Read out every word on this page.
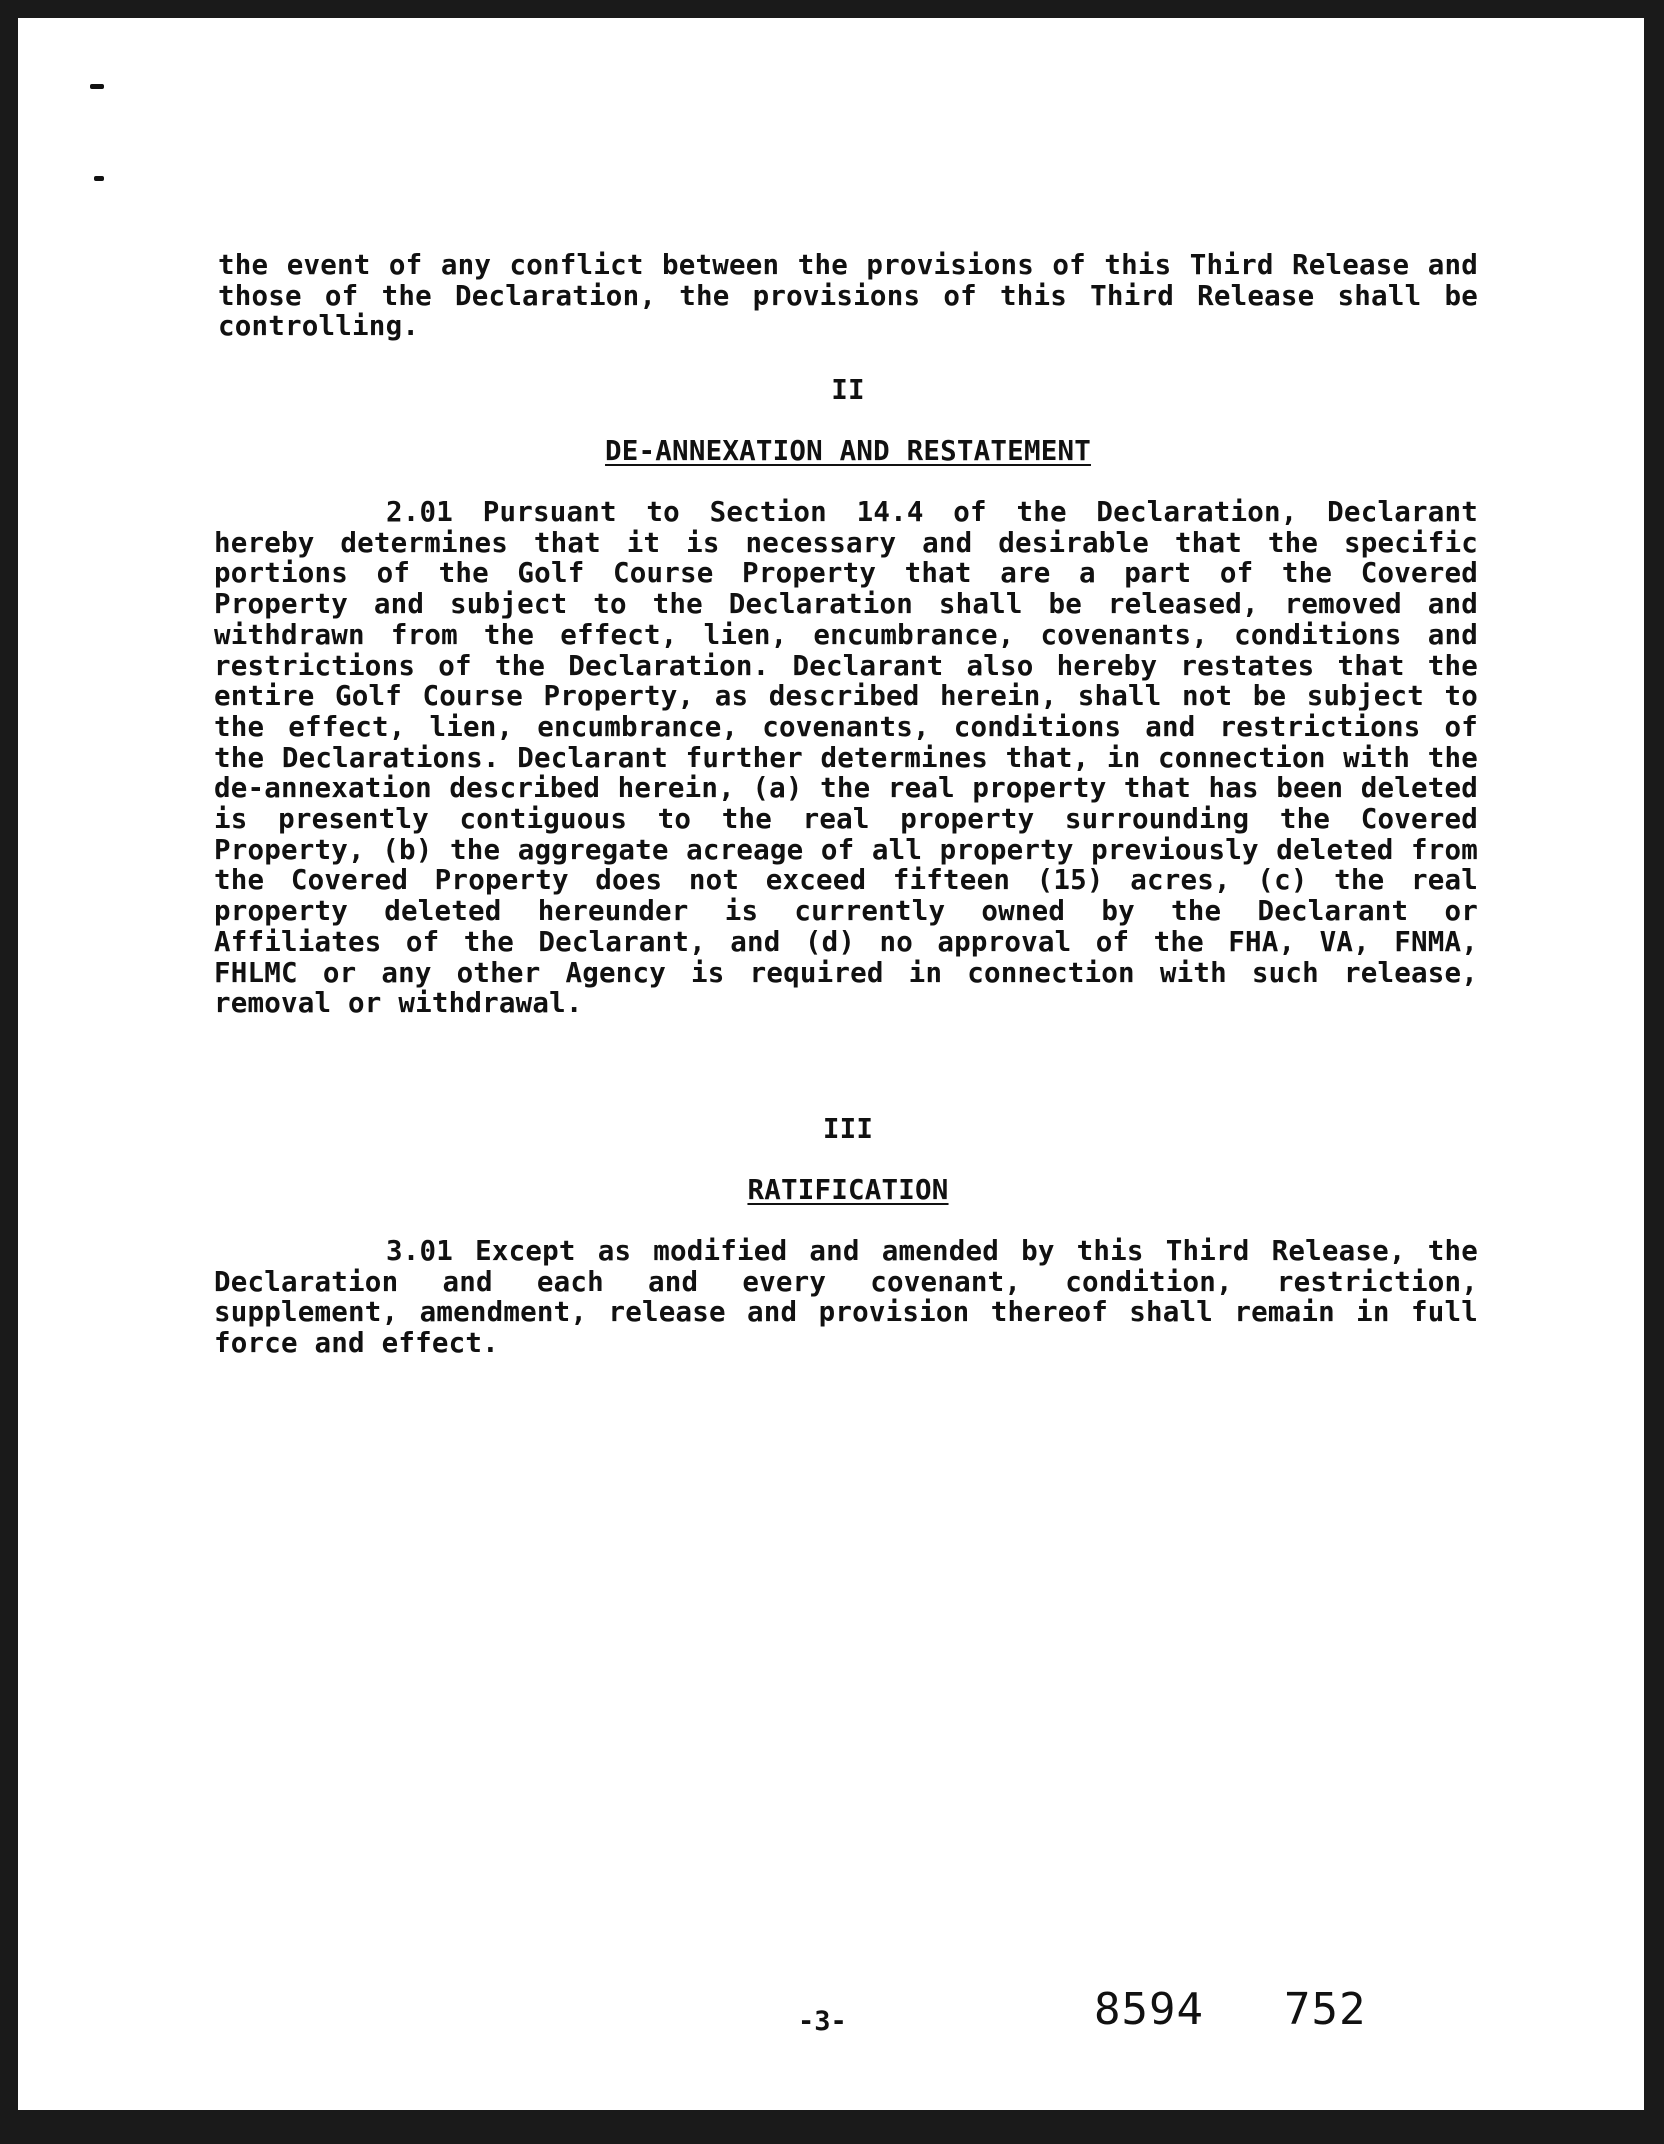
the event of any conflict between the provisions of this Third Release and those of the Declaration, the provisions of this Third Release shall be controlling.
II
DE-ANNEXATION AND RESTATEMENT
2.01 Pursuant to Section 14.4 of the Declaration, Declarant hereby determines that it is necessary and desirable that the specific portions of the Golf Course Property that are a part of the Covered Property and subject to the Declaration shall be released, removed and withdrawn from the effect, lien, encumbrance, covenants, conditions and restrictions of the Declaration. Declarant also hereby restates that the entire Golf Course Property, as described herein, shall not be subject to the effect, lien, encumbrance, covenants, conditions and restrictions of the Declarations. Declarant further determines that, in connection with the de-annexation described herein, (a) the real property that has been deleted is presently contiguous to the real property surrounding the Covered Property, (b) the aggregate acreage of all property previously deleted from the Covered Property does not exceed fifteen (15) acres, (c) the real property deleted hereunder is currently owned by the Declarant or Affiliates of the Declarant, and (d) no approval of the FHA, VA, FNMA, FHLMC or any other Agency is required in connection with such release, removal or withdrawal.
III
RATIFICATION
3.01 Except as modified and amended by this Third Release, the Declaration and each and every covenant, condition, restriction, supplement, amendment, release and provision thereof shall remain in full force and effect.
-3-	8594 752
